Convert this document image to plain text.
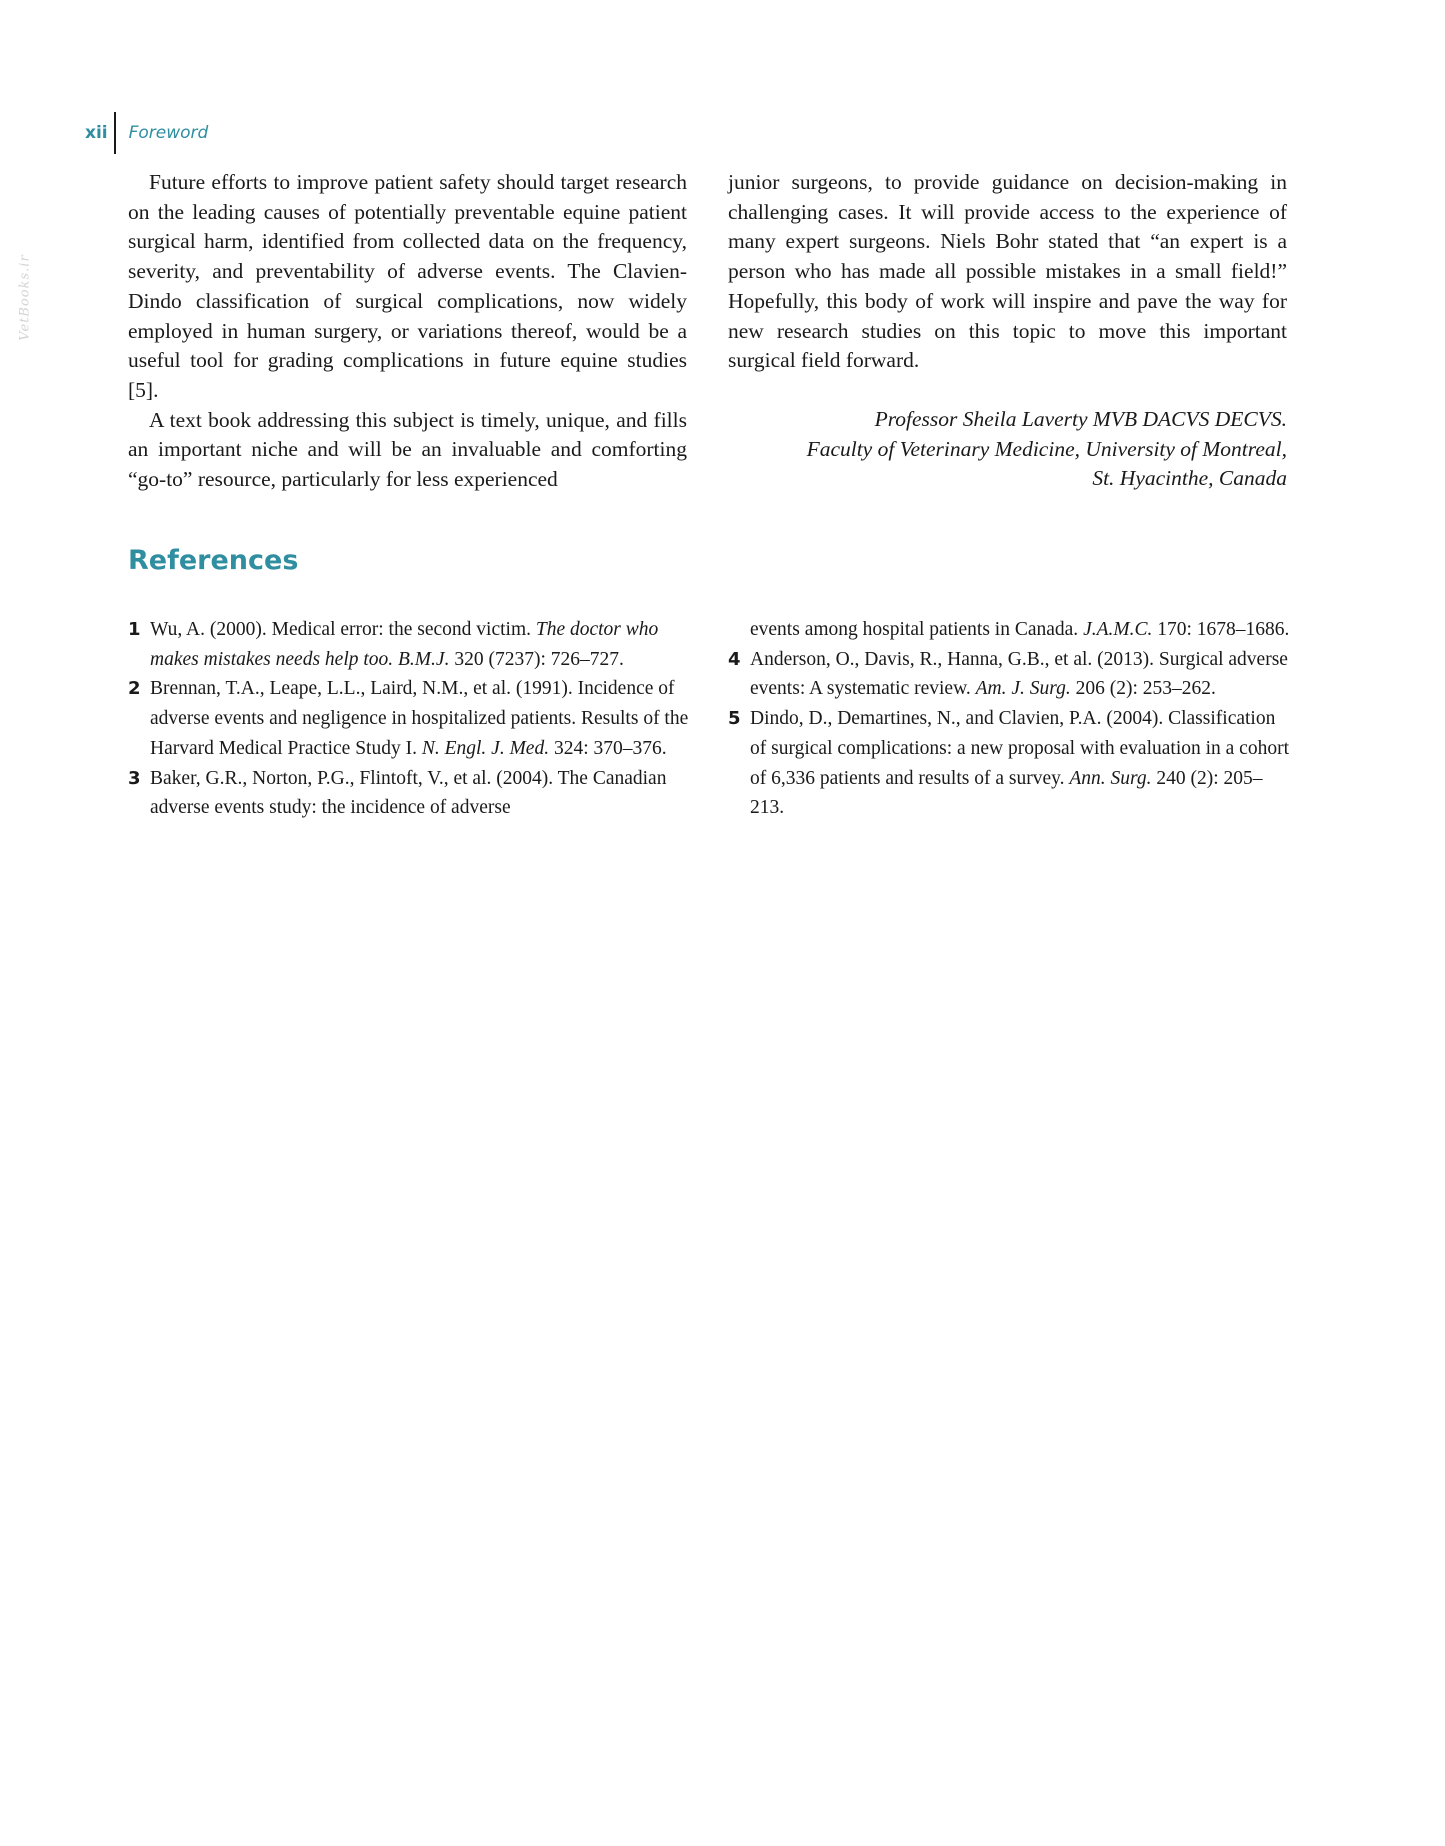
xii	Foreword
VetBooks.ir

Future efforts to improve patient safety should target research on the leading causes of potentially preventable equine patient surgical harm, identified from collected data on the frequency, severity, and preventability of adverse events. The Clavien-Dindo classification of surgical complications, now widely employed in human surgery, or variations thereof, would be a useful tool for grading complications in future equine studies [5].

A text book addressing this subject is timely, unique, and fills an important niche and will be an invaluable and comforting “go-to” resource, particularly for less experienced

junior surgeons, to provide guidance on decision-making in challenging cases. It will provide access to the experience of many expert surgeons. Niels Bohr stated that “an expert is a person who has made all possible mistakes in a small field!” Hopefully, this body of work will inspire and pave the way for new research studies on this topic to move this important surgical field forward.

Professor Sheila Laverty MVB DACVS DECVS.
Faculty of Veterinary Medicine, University of Montreal,
St. Hyacinthe, Canada
References
1 Wu, A. (2000). Medical error: the second victim. The doctor who makes mistakes needs help too. B.M.J. 320 (7237): 726–727.
2 Brennan, T.A., Leape, L.L., Laird, N.M., et al. (1991). Incidence of adverse events and negligence in hospitalized patients. Results of the Harvard Medical Practice Study I. N. Engl. J. Med. 324: 370–376.
3 Baker, G.R., Norton, P.G., Flintoft, V., et al. (2004). The Canadian adverse events study: the incidence of adverse
events among hospital patients in Canada. J.A.M.C. 170: 1678–1686.
4 Anderson, O., Davis, R., Hanna, G.B., et al. (2013). Surgical adverse events: A systematic review. Am. J. Surg. 206 (2): 253–262.
5 Dindo, D., Demartines, N., and Clavien, P.A. (2004). Classification of surgical complications: a new proposal with evaluation in a cohort of 6,336 patients and results of a survey. Ann. Surg. 240 (2): 205–213.
